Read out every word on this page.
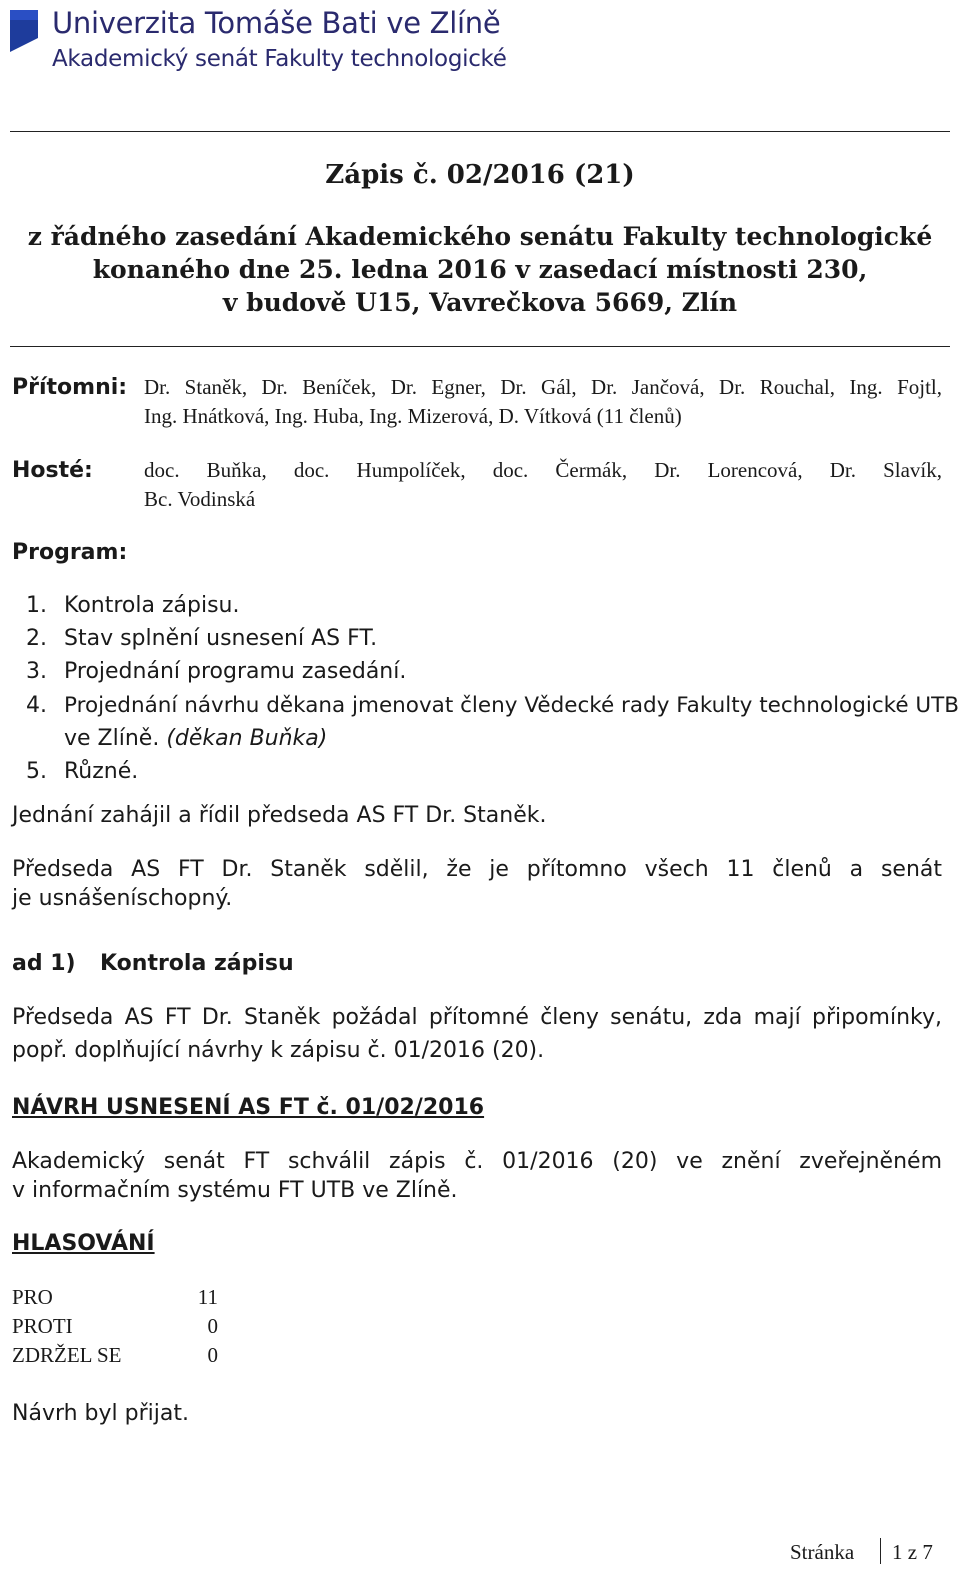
Univerzita Tomáše Bati ve Zlíně
Akademický senát Fakulty technologické
Zápis č. 02/2016 (21)
z řádného zasedání Akademického senátu Fakulty technologické
konaného dne 25. ledna 2016 v zasedací místnosti 230,
v budově U15, Vavrečkova 5669, Zlín
Přítomni: Dr. Staněk, Dr. Beníček, Dr. Egner, Dr. Gál, Dr. Jančová, Dr. Rouchal, Ing. Fojtl,
Ing. Hnátková, Ing. Huba, Ing. Mizerová, D. Vítková (11 členů)
Hosté: doc. Buňka, doc. Humpolíček, doc. Čermák, Dr. Lorencová, Dr. Slavík,
Bc. Vodinská
Program:
1. Kontrola zápisu.
2. Stav splnění usnesení AS FT.
3. Projednání programu zasedání.
4. Projednání návrhu děkana jmenovat členy Vědecké rady Fakulty technologické UTB
ve Zlíně. (děkan Buňka)
5. Různé.
Jednání zahájil a řídil předseda AS FT Dr. Staněk.
Předseda AS FT Dr. Staněk sdělil, že je přítomno všech 11 členů a senát
je usnášeníschopný.
ad 1) Kontrola zápisu
Předseda AS FT Dr. Staněk požádal přítomné členy senátu, zda mají připomínky,
popř. doplňující návrhy k zápisu č. 01/2016 (20).
NÁVRH USNESENÍ AS FT č. 01/02/2016
Akademický senát FT schválil zápis č. 01/2016 (20) ve znění zveřejněném
v informačním systému FT UTB ve Zlíně.
HLASOVÁNÍ
PRO	11
PROTI	0
ZDRŽEL SE	0
Návrh byl přijat.
Stránka 1 z 7
